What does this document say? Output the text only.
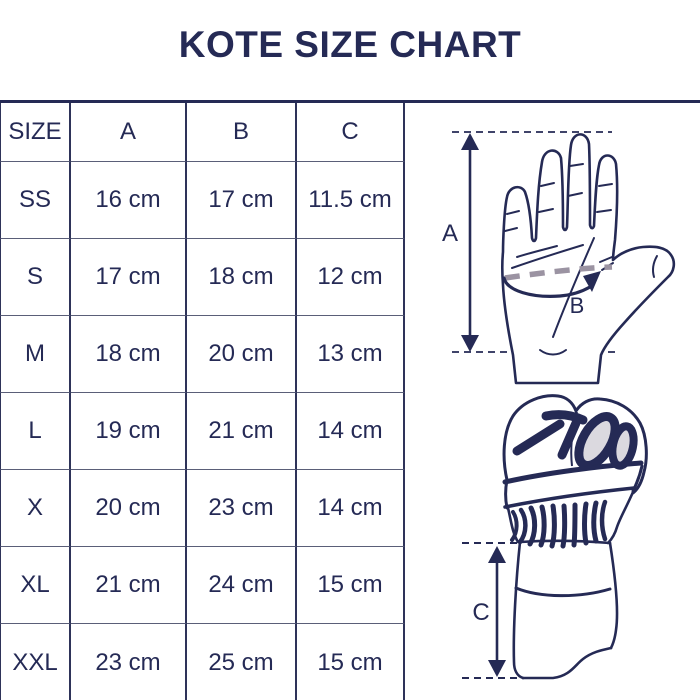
KOTE SIZE CHART
SIZE	A	B	C
SS	16 cm	17 cm	11.5 cm
S	17 cm	18 cm	12 cm
M	18 cm	20 cm	13 cm
L	19 cm	21 cm	14 cm
X	20 cm	23 cm	14 cm
XL	21 cm	24 cm	15 cm
XXL	23 cm	25 cm	15 cm
A
B
C
